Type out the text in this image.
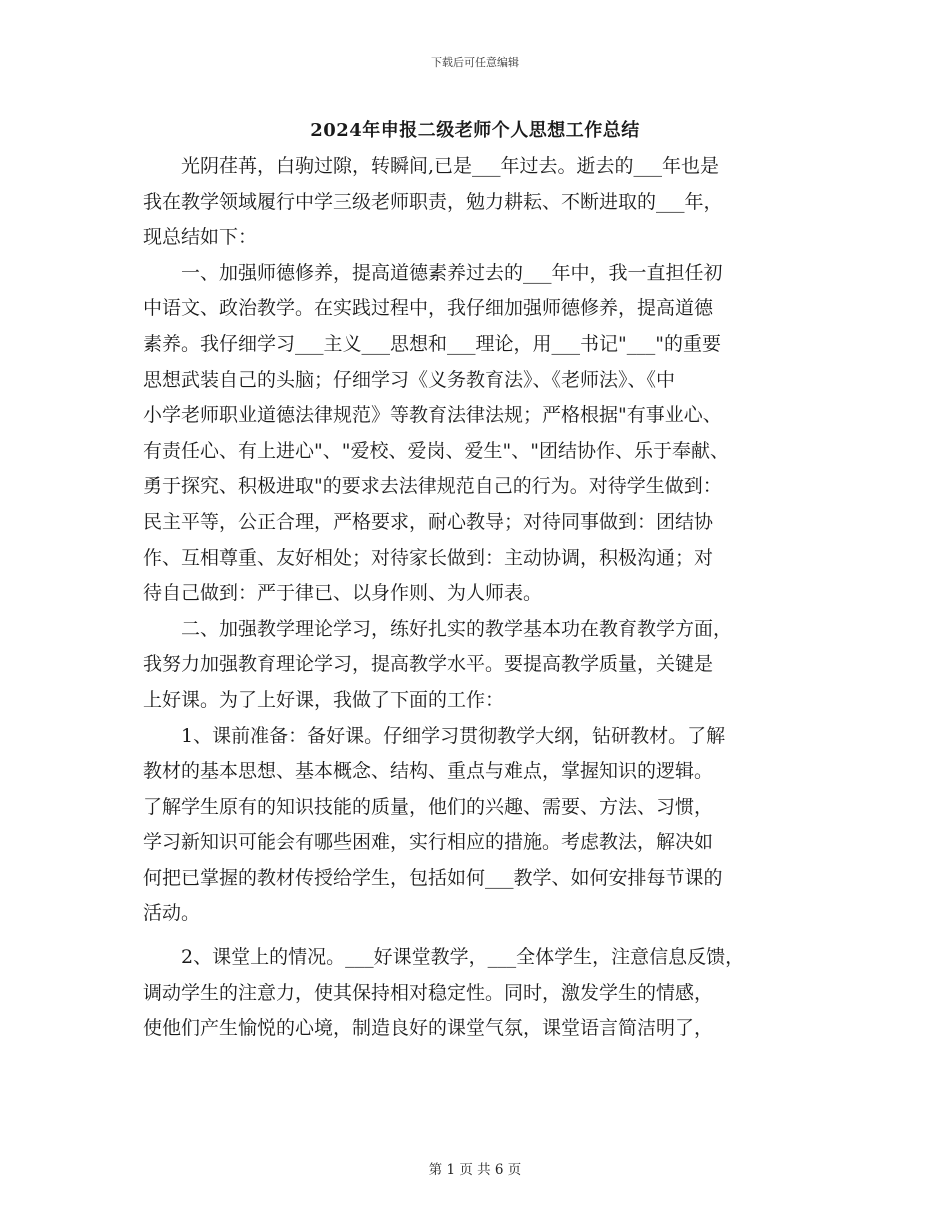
下载后可任意编辑
2024年申报二级老师个人思想工作总结
　　光阴荏苒，白驹过隙，转瞬间,已是___年过去。逝去的___年也是
我在教学领域履行中学三级老师职责，勉力耕耘、不断进取的___年，
现总结如下：
　　一、加强师德修养，提高道德素养过去的___年中，我一直担任初
中语文、政治教学。在实践过程中，我仔细加强师德修养，提高道德
素养。我仔细学习___主义___思想和___理论，用___书记"___"的重要
思想武装自己的头脑；仔细学习《义务教育法》、《老师法》、《中
小学老师职业道德法律规范》等教育法律法规；严格根据"有事业心、
有责任心、有上进心"、"爱校、爱岗、爱生"、"团结协作、乐于奉献、
勇于探究、积极进取"的要求去法律规范自己的行为。对待学生做到：
民主平等，公正合理，严格要求，耐心教导；对待同事做到：团结协
作、互相尊重、友好相处；对待家长做到：主动协调，积极沟通；对
待自己做到：严于律已、以身作则、为人师表。
　　二、加强教学理论学习，练好扎实的教学基本功在教育教学方面，
我努力加强教育理论学习，提高教学水平。要提高教学质量，关键是
上好课。为了上好课，我做了下面的工作：
　　1、课前准备：备好课。仔细学习贯彻教学大纲，钻研教材。了解
教材的基本思想、基本概念、结构、重点与难点，掌握知识的逻辑。
了解学生原有的知识技能的质量，他们的兴趣、需要、方法、习惯，
学习新知识可能会有哪些困难，实行相应的措施。考虑教法，解决如
何把已掌握的教材传授给学生，包括如何___教学、如何安排每节课的
活动。
　　2、课堂上的情况。___好课堂教学，___全体学生，注意信息反馈，
调动学生的注意力，使其保持相对稳定性。同时，激发学生的情感，
使他们产生愉悦的心境，制造良好的课堂气氛，课堂语言简洁明了，
第 1 页 共 6 页
